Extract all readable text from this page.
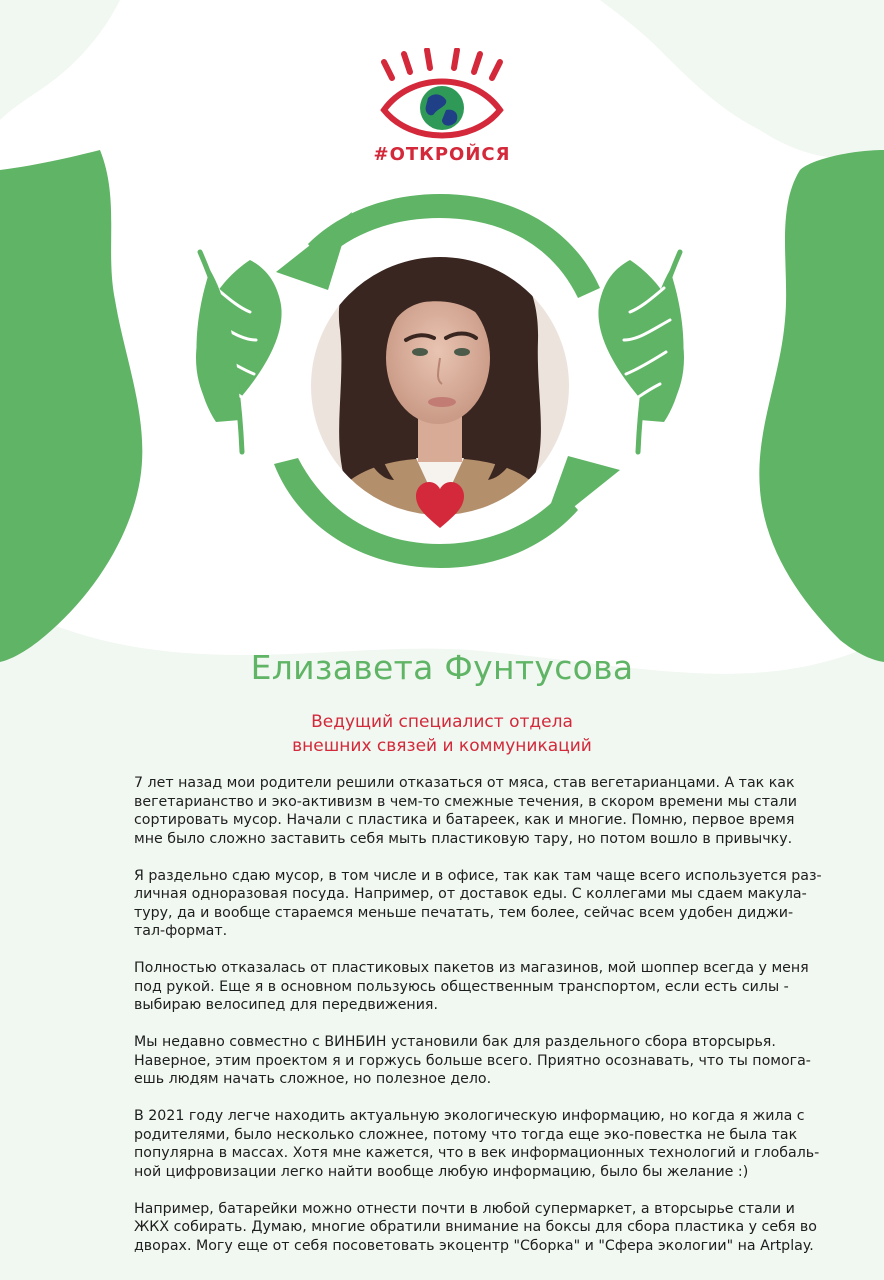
#ОТКРОЙСЯ
Елизавета Фунтусова
Ведущий специалист отдела
внешних связей и коммуникаций

7 лет назад мои родители решили отказаться от мяса, став вегетарианцами. А так как
вегетарианство и эко-активизм в чем-то смежные течения, в скором времени мы стали
сортировать мусор. Начали с пластика и батареек, как и многие. Помню, первое время
мне было сложно заставить себя мыть пластиковую тару, но потом вошло в привычку.

Я раздельно сдаю мусор, в том числе и в офисе, так как там чаще всего используется раз-
личная одноразовая посуда. Например, от доставок еды. С коллегами мы сдаем макула-
туру, да и вообще стараемся меньше печатать, тем более, сейчас всем удобен диджи-
тал-формат.

Полностью отказалась от пластиковых пакетов из магазинов, мой шоппер всегда у меня
под рукой. Еще я в основном пользуюсь общественным транспортом, если есть силы -
выбираю велосипед для передвижения.

Мы недавно совместно с ВИНБИН установили бак для раздельного сбора вторсырья.
Наверное, этим проектом я и горжусь больше всего. Приятно осознавать, что ты помога-
ешь людям начать сложное, но полезное дело.

В 2021 году легче находить актуальную экологическую информацию, но когда я жила с
родителями, было несколько сложнее, потому что тогда еще эко-повестка не была так
популярна в массах. Хотя мне кажется, что в век информационных технологий и глобаль-
ной цифровизации легко найти вообще любую информацию, было бы желание :)

Например, батарейки можно отнести почти в любой супермаркет, а вторсырье стали и
ЖКХ собирать. Думаю, многие обратили внимание на боксы для сбора пластика у себя во
дворах. Могу еще от себя посоветовать экоцентр "Сборка" и "Сфера экологии" на Artplay.
